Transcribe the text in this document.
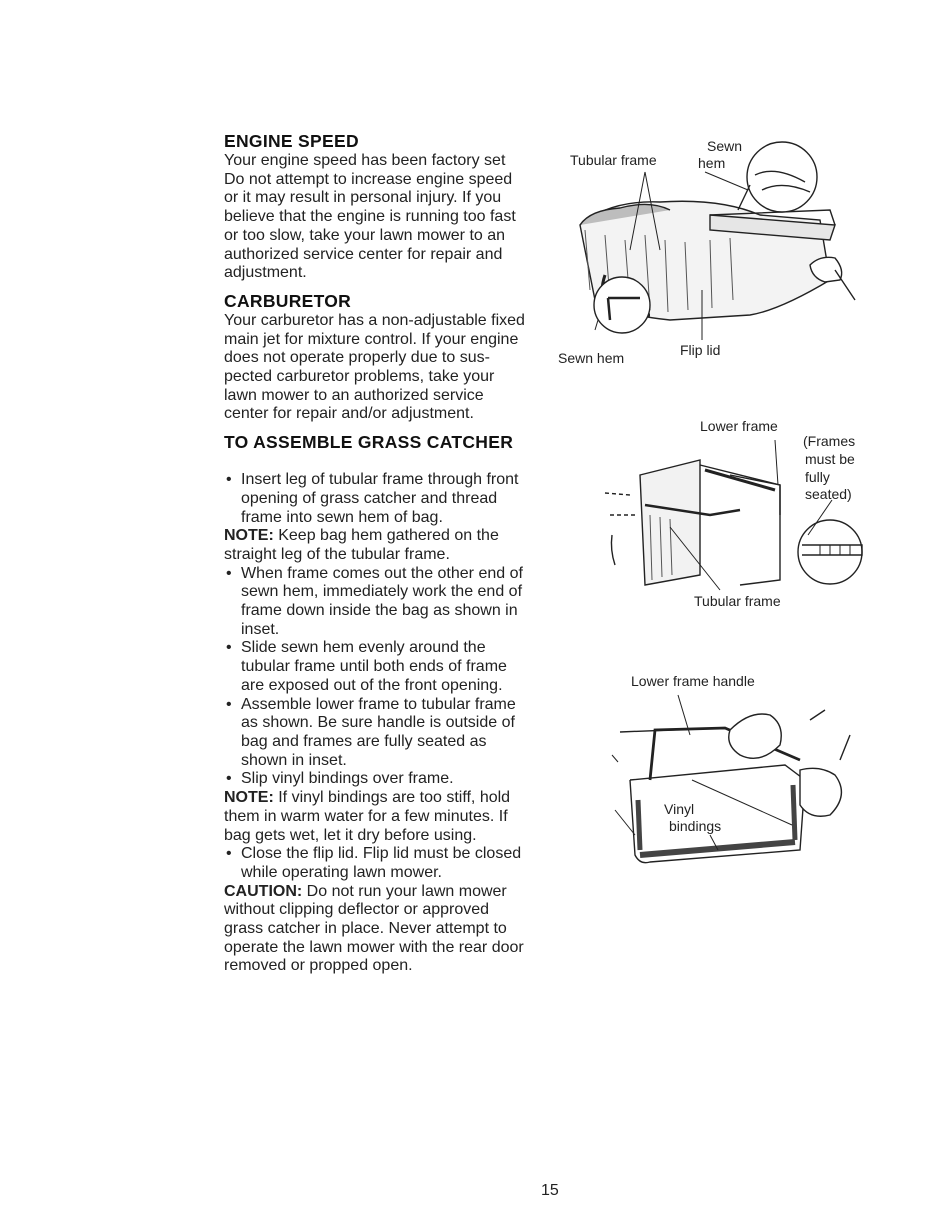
ENGINE SPEED
Your engine speed has been factory set
Do not attempt to increase engine speed
or it may result in personal injury. If you
believe that the engine is running too fast
or too slow, take your lawn mower to an
authorized service center for repair and
adjustment.
CARBURETOR
Your carburetor has a non-adjustable fixed
main jet for mixture control. If your engine
does not operate properly due to sus-
pected carburetor problems, take your
lawn mower to an authorized service
center for repair and/or adjustment.
TO ASSEMBLE GRASS CATCHER
• Insert leg of tubular frame through front
opening of grass catcher and thread
frame into sewn hem of bag.
NOTE: Keep bag hem gathered on the
straight leg of the tubular frame.
• When frame comes out the other end of
sewn hem, immediately work the end of
frame down inside the bag as shown in
inset.
• Slide sewn hem evenly around the
tubular frame until both ends of frame
are exposed out of the front opening.
• Assemble lower frame to tubular frame
as shown. Be sure handle is outside of
bag and frames are fully seated as
shown in inset.
• Slip vinyl bindings over frame.
NOTE: If vinyl bindings are too stiff, hold
them in warm water for a few minutes. If
bag gets wet, let it dry before using.
• Close the flip lid. Flip lid must be closed
while operating lawn mower.
CAUTION: Do not run your lawn mower
without clipping deflector or approved
grass catcher in place. Never attempt to
operate the lawn mower with the rear door
removed or propped open.
Tubular frame
Sewn
hem
Sewn hem	Flip lid
Lower frame
(Frames
must be
fully
seated)
Tubular frame
Lower frame handle
Vinyl
bindings
15
